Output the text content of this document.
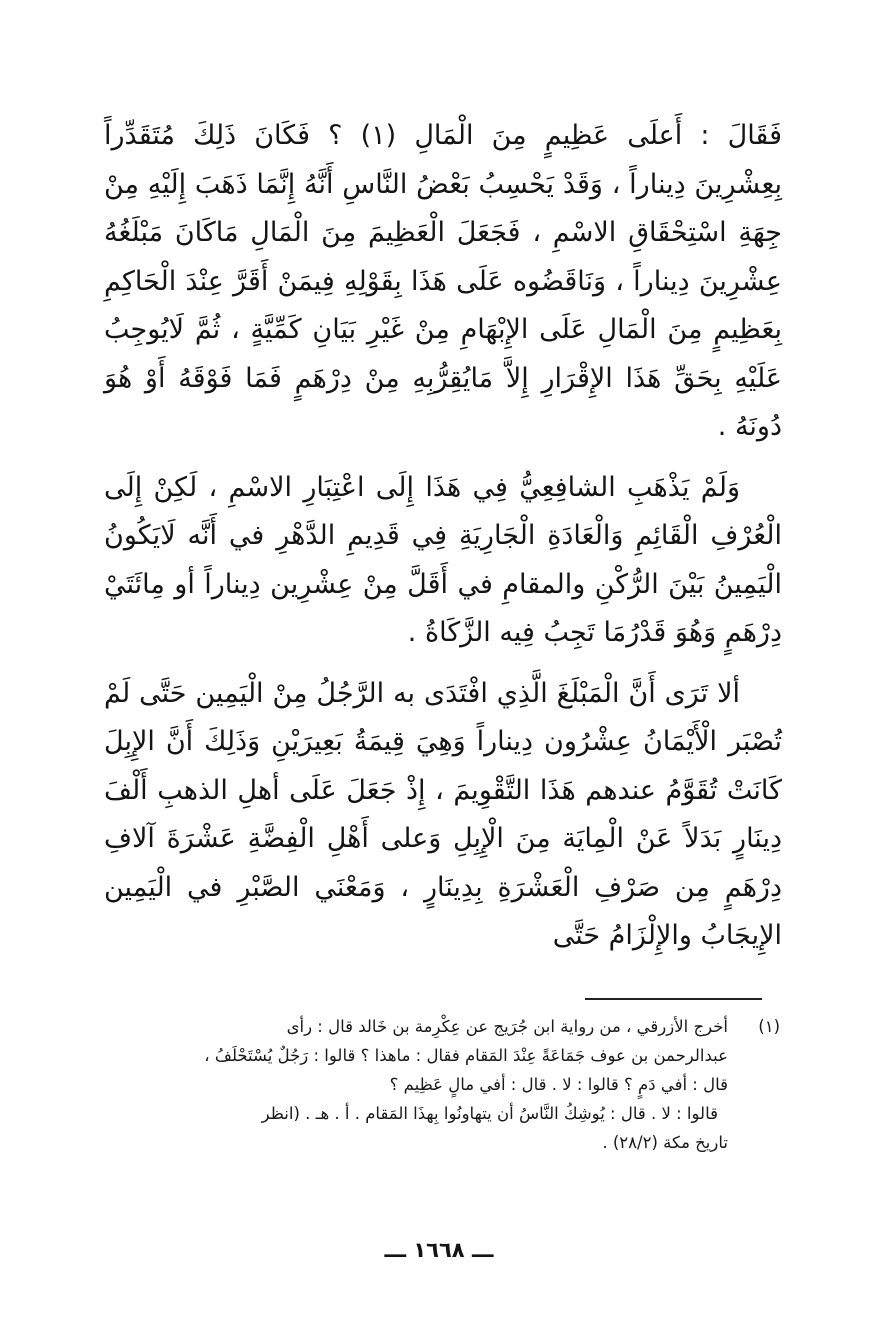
فَقَالَ : أَعلَى عَظِيمٍ مِنَ الْمَالِ (١) ؟ فَكَانَ ذَلِكَ مُتَقَدِّراً بِعِشْرِينَ دِيناراً ، وَقَدْ يَحْسِبُ بَعْضُ النَّاسِ أَنَّهُ إِنَّمَا ذَهَبَ إِلَيْهِ مِنْ جِهَةِ اسْتِحْقَاقِ الاسْمِ ، فَجَعَلَ الْعَظِيمَ مِنَ الْمَالِ مَاكَانَ مَبْلَغُهُ عِشْرِينَ دِيناراً ، وَنَاقَضُوه عَلَى هَذَا بِقَوْلِهِ فِيمَنْ أَقَرَّ عِنْدَ الْحَاكِمِ بِعَظِيمٍ مِنَ الْمَالِ عَلَى الإِبْهَامِ مِنْ غَيْرِ بَيَانِ كَمِّيَّةٍ ، ثُمَّ لَايُوجِبُ عَلَيْهِ بِحَقِّ هَذَا الإِقْرَارِ إِلاَّ مَايُقِرُّبِهِ مِنْ دِرْهَمٍ فَمَا فَوْقَهُ أَوْ هُوَ دُونَهُ .

وَلَمْ يَذْهَبِ الشافِعِيُّ فِي هَذَا إِلَى اعْتِبَارِ الاسْمِ ، لَكِنْ إِلَى الْعُرْفِ الْقَائِمِ وَالْعَادَةِ الْجَارِيَةِ فِي قَدِيمِ الدَّهْرِ في أَنَّه لَايَكُونُ الْيَمِينُ بَيْنَ الرُّكْنِ والمقامِ في أَقَلَّ مِنْ عِشْرِين دِيناراً أو مِائَتَيْ دِرْهَمٍ وَهُوَ قَدْرُمَا تَجِبُ فِيه الزَّكَاةُ .

ألا تَرَى أَنَّ الْمَبْلَغَ الَّذِي افْتَدَى به الرَّجُلُ مِنْ الْيَمِين حَتَّى لَمْ تُصْبَر الْأَيْمَانُ عِشْرُون دِيناراً وَهِيَ قِيمَةُ بَعِيرَيْنِ وَذَلِكَ أَنَّ الإِبِلَ كَانَتْ تُقَوَّمُ عندهم هَذَا التَّقْوِيمَ ، إِذْ جَعَلَ عَلَى أهلِ الذهبِ أَلْفَ دِينَارٍ بَدَلاً عَنْ الْمِايَة مِنَ الْإِبِلِ وَعلى أَهْلِ الْفِضَّةِ عَشْرَةَ آلافِ دِرْهَمٍ مِن صَرْفِ الْعَشْرَةِ بِدِينَارٍ ، وَمَعْنَي الصَّبْرِ في الْيَمِين الإِيجَابُ والإِلْزَامُ حَتَّى

(١)
أخرج الأزرقي ، من رواية ابن جُرَيج عن عِكْرِمة بن خَالد قال : رأى
عبدالرحمن بن عوف جَمَاعَةً عِنْدَ المَقام فقال : ماهذا ؟ قالوا : رَجُلٌ يُسْتَحْلَفُ ،
قال : أفي دَمٍ ؟ قالوا : لا . قال : أفي مالٍ عَظِيم ؟
قالوا : لا . قال : يُوشِكُ النَّاسُ أن يتهاونُوا بِهذَا المَقام . أ . هـ . (انظر
تاريخ مكة (٢٨/٢) .
ـــ ١٦٦٨ ـــ
